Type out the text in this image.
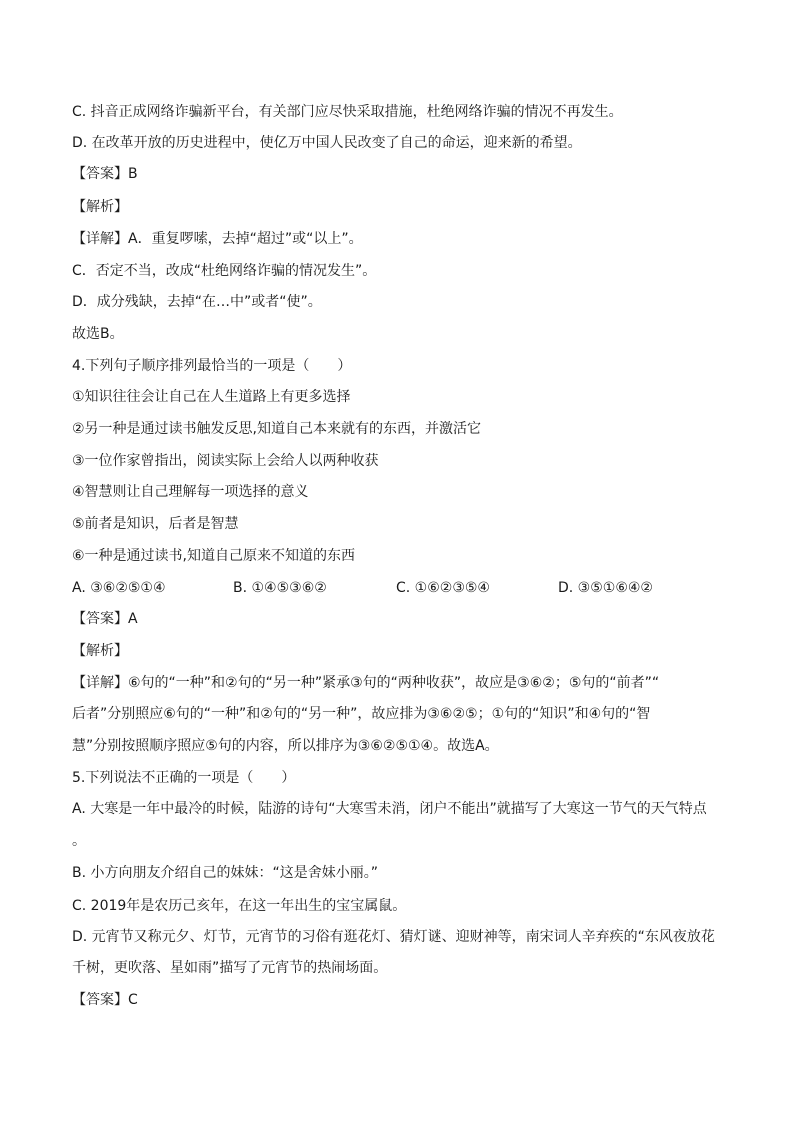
C. 抖音正成网络诈骗新平台，有关部门应尽快采取措施，杜绝网络诈骗的情况不再发生。
D. 在改革开放的历史进程中，使亿万中国人民改变了自己的命运，迎来新的希望。
【答案】B
【解析】
【详解】A．重复啰嗦，去掉“超过”或“以上”。
C．否定不当，改成“杜绝网络诈骗的情况发生”。
D．成分残缺，去掉“在…中”或者“使”。
故选B。
4.下列句子顺序排列最恰当的一项是（　　）
①知识往往会让自己在人生道路上有更多选择
②另一种是通过读书触发反思,知道自己本来就有的东西，并激活它
③一位作家曾指出，阅读实际上会给人以两种收获
④智慧则让自己理解每一项选择的意义
⑤前者是知识，后者是智慧
⑥一种是通过读书,知道自己原来不知道的东西
A. ③⑥②⑤①④	B. ①④⑤③⑥②	C. ①⑥②③⑤④	D. ③⑤①⑥④②
【答案】A
【解析】
【详解】⑥句的“一种”和②句的“另一种”紧承③句的“两种收获”，故应是③⑥②；⑤句的“前者”“
后者”分别照应⑥句的“一种”和②句的“另一种”，故应排为③⑥②⑤；①句的“知识”和④句的“智
慧”分别按照顺序照应⑤句的内容，所以排序为③⑥②⑤①④。故选A。
5.下列说法不正确的一项是（　　）
A. 大寒是一年中最冷的时候，陆游的诗句“大寒雪未消，闭户不能出”就描写了大寒这一节气的天气特点
。
B. 小方向朋友介绍自己的妹妹：“这是舍妹小丽。”
C. 2019年是农历己亥年，在这一年出生的宝宝属鼠。
D. 元宵节又称元夕、灯节，元宵节的习俗有逛花灯、猜灯谜、迎财神等，南宋词人辛弃疾的“东风夜放花
千树，更吹落、星如雨”描写了元宵节的热闹场面。
【答案】C
